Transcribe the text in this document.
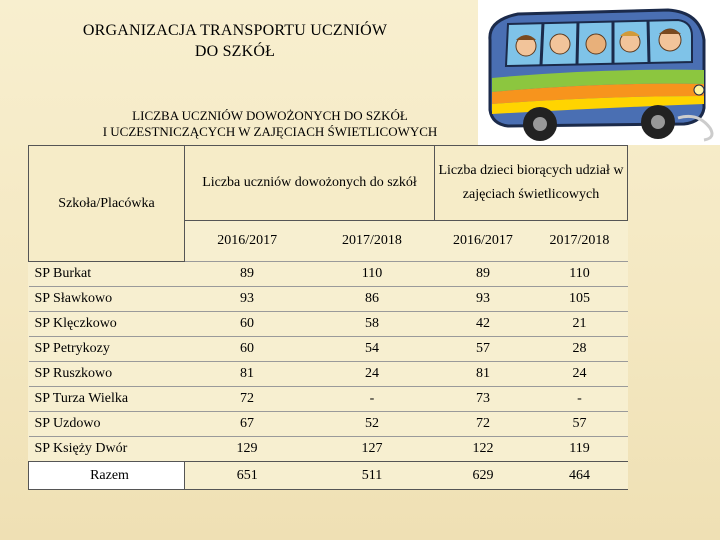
ORGANIZACJA TRANSPORTU UCZNIÓW
DO SZKÓŁ
LICZBA UCZNIÓW DOWOŻONYCH DO SZKÓŁ
I UCZESTNICZĄCYCH W ZAJĘCIACH ŚWIETLICOWYCH
Szkoła/Placówka	Liczba uczniów dowożonych do szkół		Liczba dzieci biorących udział w zajęciach świetlicowych	
	2016/2017	2017/2018	2016/2017	2017/2018
SP Burkat	89	110	89	110
SP Sławkowo	93	86	93	105
SP Klęczkowo	60	58	42	21
SP Petrykozy	60	54	57	28
SP Ruszkowo	81	24	81	24
SP Turza Wielka	72	-	73	-
SP Uzdowo	67	52	72	57
SP Księży Dwór	129	127	122	119
Razem	651	511	629	464
